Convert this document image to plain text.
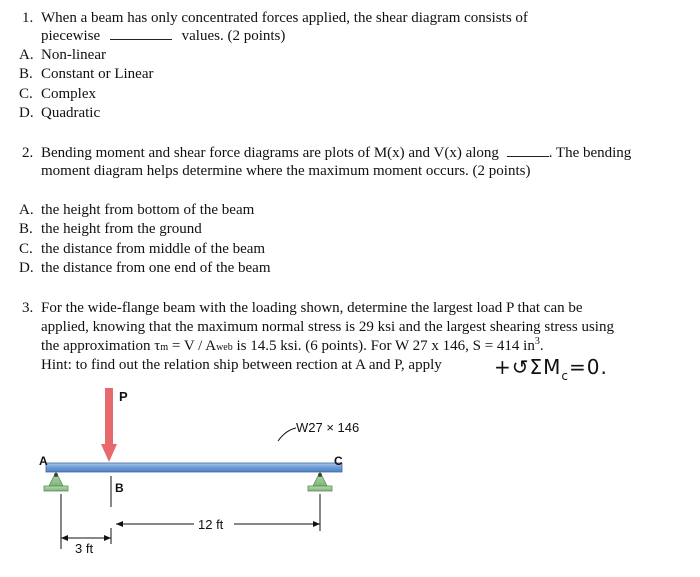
1. When a beam has only concentrated forces applied, the shear diagram consists of
piecewise	values. (2 points)
A. Non-linear
B. Constant or Linear
C. Complex
D. Quadratic
2. Bending moment and shear force diagrams are plots of M(x) and V(x) along	. The bending
moment diagram helps determine where the maximum moment occurs. (2 points)
A. the height from bottom of the beam
B. the height from the ground
C. the distance from middle of the beam
D. the distance from one end of the beam
3. For the wide-flange beam with the loading shown, determine the largest load P that can be
applied, knowing that the maximum normal stress is 29 ksi and the largest shearing stress using
the approximation τm = V / Aweb is 14.5 ksi. (6 points). For W 27 x 146, S = 414 $in^3$.
Hint: to find out the relation ship between rection at A and P, apply	$+↺\Sigma M_c=0$.
P
W27 × 146
A	C
B
3 ft
12 ft
